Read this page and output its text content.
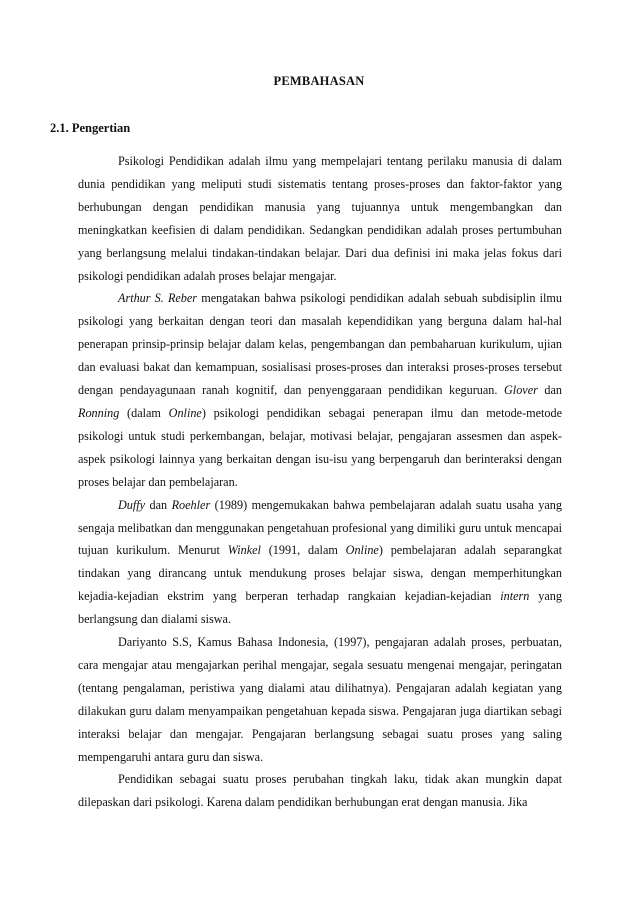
PEMBAHASAN
2.1. Pengertian

Psikologi Pendidikan adalah ilmu yang mempelajari tentang perilaku manusia di dalam dunia pendidikan yang meliputi studi sistematis tentang proses-proses dan faktor-faktor yang berhubungan dengan pendidikan manusia yang tujuannya untuk mengembangkan dan meningkatkan keefisien di dalam pendidikan. Sedangkan pendidikan adalah proses pertumbuhan yang berlangsung melalui tindakan-tindakan belajar. Dari dua definisi ini maka jelas fokus dari psikologi pendidikan adalah proses belajar mengajar.

Arthur S. Reber mengatakan bahwa psikologi pendidikan adalah sebuah subdisiplin ilmu psikologi yang berkaitan dengan teori dan masalah kependidikan yang berguna dalam hal-hal penerapan prinsip-prinsip belajar dalam kelas, pengembangan dan pembaharuan kurikulum, ujian dan evaluasi bakat dan kemampuan, sosialisasi proses-proses dan interaksi proses-proses tersebut dengan pendayagunaan ranah kognitif, dan penyenggaraan pendidikan keguruan. Glover dan Ronning (dalam Online) psikologi pendidikan sebagai penerapan ilmu dan metode-metode psikologi untuk studi perkembangan, belajar, motivasi belajar, pengajaran assesmen dan aspek-aspek psikologi lainnya yang berkaitan dengan isu-isu yang berpengaruh dan berinteraksi dengan proses belajar dan pembelajaran.

Duffy dan Roehler (1989) mengemukakan bahwa pembelajaran adalah suatu usaha yang sengaja melibatkan dan menggunakan pengetahuan profesional yang dimiliki guru untuk mencapai tujuan kurikulum. Menurut Winkel (1991, dalam Online) pembelajaran adalah separangkat tindakan yang dirancang untuk mendukung proses belajar siswa, dengan memperhitungkan kejadia-kejadian ekstrim yang berperan terhadap rangkaian kejadian-kejadian intern yang berlangsung dan dialami siswa.

Dariyanto S.S, Kamus Bahasa Indonesia, (1997), pengajaran adalah proses, perbuatan, cara mengajar atau mengajarkan perihal mengajar, segala sesuatu mengenai mengajar, peringatan (tentang pengalaman, peristiwa yang dialami atau dilihatnya). Pengajaran adalah kegiatan yang dilakukan guru dalam menyampaikan pengetahuan kepada siswa. Pengajaran juga diartikan sebagi interaksi belajar dan mengajar. Pengajaran berlangsung sebagai suatu proses yang saling mempengaruhi antara guru dan siswa.

Pendidikan sebagai suatu proses perubahan tingkah laku, tidak akan mungkin dapat dilepaskan dari psikologi. Karena dalam pendidikan berhubungan erat dengan manusia. Jika
